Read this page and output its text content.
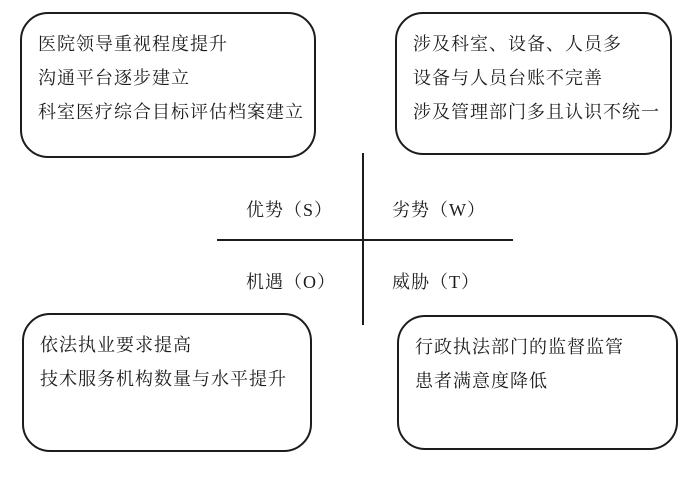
医院领导重视程度提升
沟通平台逐步建立
科室医疗综合目标评估档案建立
涉及科室、设备、人员多
设备与人员台账不完善
涉及管理部门多且认识不统一
优势（S）	劣势（W）
机遇（O）	威胁（T）
依法执业要求提高
技术服务机构数量与水平提升
行政执法部门的监督监管
患者满意度降低
